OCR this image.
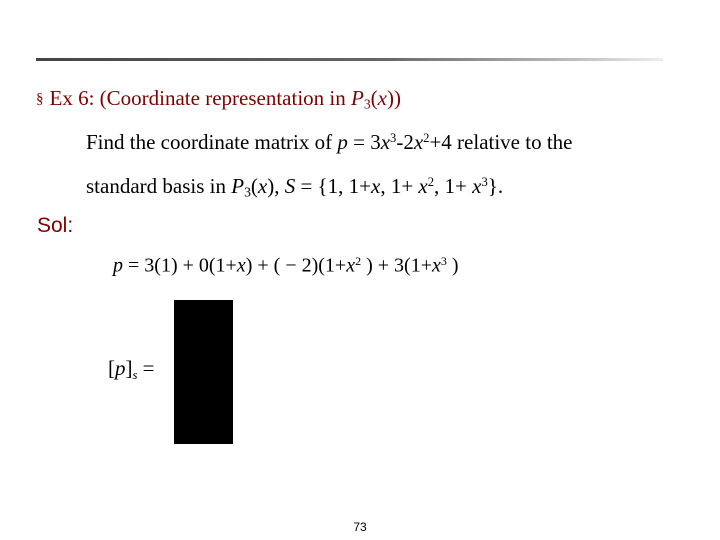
§ Ex 6: (Coordinate representation in $P_3(x)$)
Find the coordinate matrix of $p = 3x^3-2x^2+4$ relative to the
standard basis in $P_3(x)$, S = {1, 1+x, $1+ x^2$, $1+ x^3$}.
Sol:
p = 3(1) + 0(1+x) + ( − $2)(1+x^2$ ) + $3(1+x^3$ )
[p]s =
73
